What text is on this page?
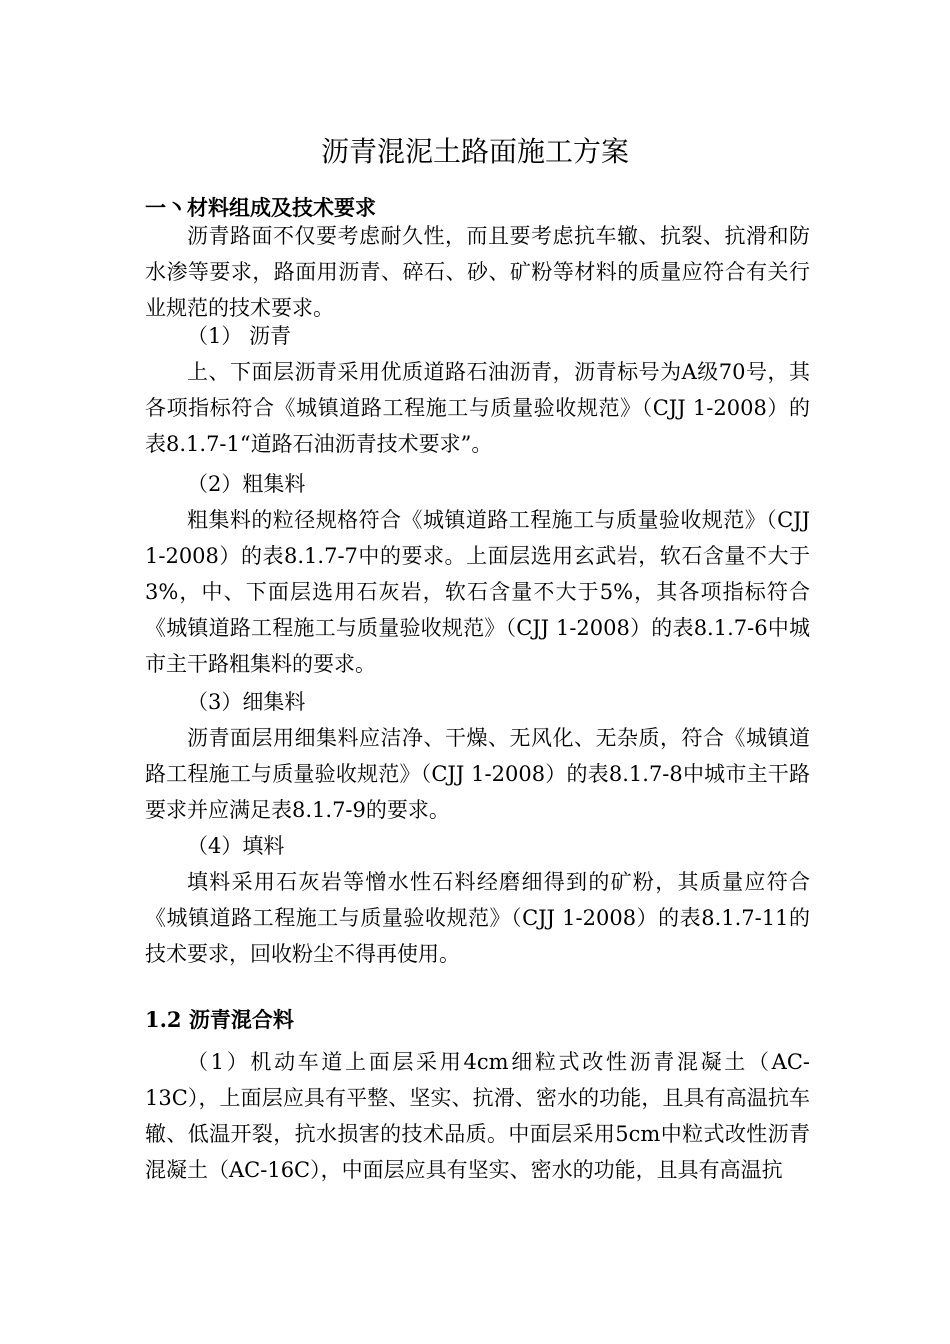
沥青混泥土路面施工方案

一丶材料组成及技术要求

沥青路面不仅要考虑耐久性，而且要考虑抗车辙、抗裂、抗滑和防水渗等要求，路面用沥青、碎石、砂、矿粉等材料的质量应符合有关行业规范的技术要求。

（1） 沥青

上、下面层沥青采用优质道路石油沥青，沥青标号为A级70号，其各项指标符合《城镇道路工程施工与质量验收规范》（CJJ 1-2008）的表8.1.7-1“道路石油沥青技术要求”。

（2）粗集料

粗集料的粒径规格符合《城镇道路工程施工与质量验收规范》（CJJ 1-2008）的表8.1.7-7中的要求。上面层选用玄武岩，软石含量不大于3%，中、下面层选用石灰岩，软石含量不大于5%，其各项指标符合《城镇道路工程施工与质量验收规范》（CJJ 1-2008）的表8.1.7-6中城市主干路粗集料的要求。

（3）细集料

沥青面层用细集料应洁净、干燥、无风化、无杂质，符合《城镇道路工程施工与质量验收规范》（CJJ 1-2008）的表8.1.7-8中城市主干路要求并应满足表8.1.7-9的要求。

（4）填料

填料采用石灰岩等憎水性石料经磨细得到的矿粉，其质量应符合《城镇道路工程施工与质量验收规范》（CJJ 1-2008）的表8.1.7-11的技术要求，回收粉尘不得再使用。

1.2 沥青混合料

（1）机动车道上面层采用4cm细粒式改性沥青混凝土（AC-13C），上面层应具有平整、坚实、抗滑、密水的功能，且具有高温抗车辙、低温开裂，抗水损害的技术品质。中面层采用5cm中粒式改性沥青混凝土（AC-16C），中面层应具有坚实、密水的功能，且具有高温抗
